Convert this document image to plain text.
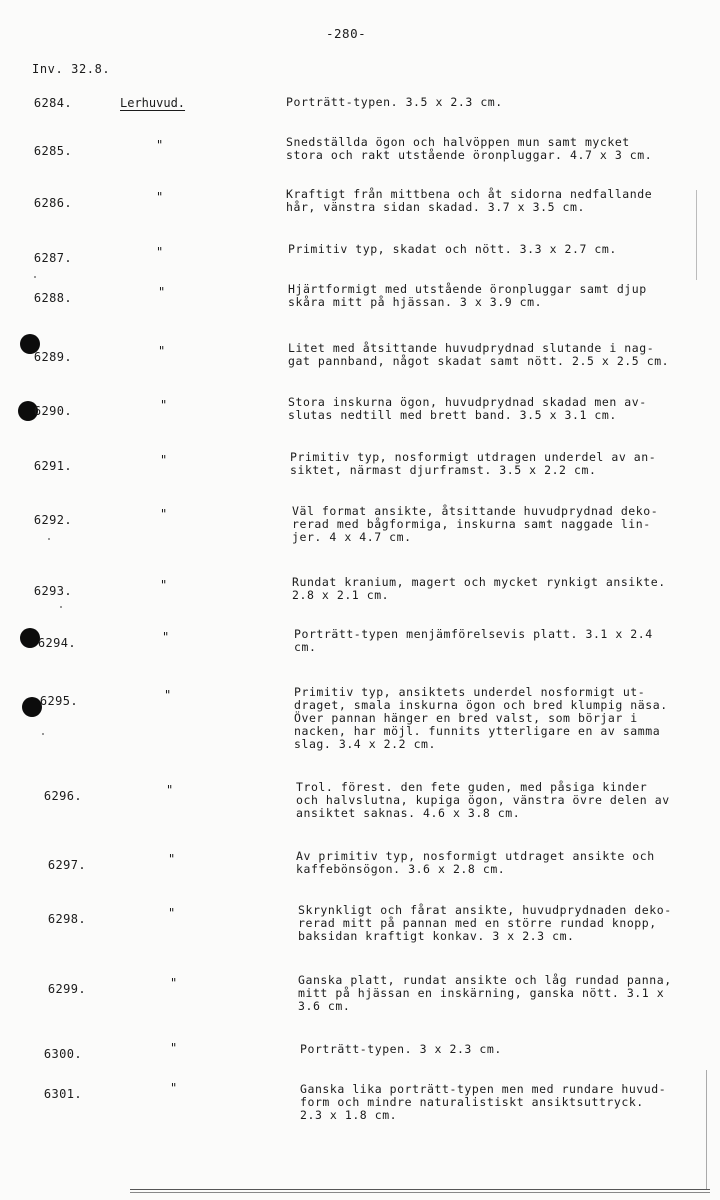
-280-
Inv. 32.8.
6284.	Lerhuvud.	Porträtt-typen. 3.5 x 2.3 cm.
6285.	"	Snedställda ögon och halvöppen mun samt mycket
stora och rakt utstående öronpluggar. 4.7 x 3 cm.
6286.	"	Kraftigt från mittbena och åt sidorna nedfallande
hår, vänstra sidan skadad. 3.7 x 3.5 cm.
6287.	"	Primitiv typ, skadat och nött. 3.3 x 2.7 cm.
6288.	"	Hjärtformigt med utstående öronpluggar samt djup
skåra mitt på hjässan. 3 x 3.9 cm.
6289.	"	Litet med åtsittande huvudprydnad slutande i nag-
gat pannband, något skadat samt nött. 2.5 x 2.5 cm.
6290.	"	Stora inskurna ögon, huvudprydnad skadad men av-
slutas nedtill med brett band. 3.5 x 3.1 cm.
6291.	"	Primitiv typ, nosformigt utdragen underdel av an-
siktet, närmast djurframst. 3.5 x 2.2 cm.
6292.	"	Väl format ansikte, åtsittande huvudprydnad deko-
rerad med bågformiga, inskurna samt naggade lin-
jer. 4 x 4.7 cm.
6293.	"	Rundat kranium, magert och mycket rynkigt ansikte.
2.8 x 2.1 cm.
6294.	"	Porträtt-typen menjämförelsevis platt. 3.1 x 2.4
cm.
6295.	"	Primitiv typ, ansiktets underdel nosformigt ut-
draget, smala inskurna ögon och bred klumpig näsa.
Över pannan hänger en bred valst, som börjar i
nacken, har möjl. funnits ytterligare en av samma
slag. 3.4 x 2.2 cm.
6296.	"	Trol. förest. den fete guden, med påsiga kinder
och halvslutna, kupiga ögon, vänstra övre delen av
ansiktet saknas. 4.6 x 3.8 cm.
6297.	"	Av primitiv typ, nosformigt utdraget ansikte och
kaffebönsögon. 3.6 x 2.8 cm.
6298.	"	Skrynkligt och fårat ansikte, huvudprydnaden deko-
rerad mitt på pannan med en större rundad knopp,
baksidan kraftigt konkav. 3 x 2.3 cm.
6299.	"	Ganska platt, rundat ansikte och låg rundad panna,
mitt på hjässan en inskärning, ganska nött. 3.1 x
3.6 cm.
6300.	"	Porträtt-typen. 3 x 2.3 cm.
6301.	"	Ganska lika porträtt-typen men med rundare huvud-
form och mindre naturalistiskt ansiktsuttryck.
2.3 x 1.8 cm.
